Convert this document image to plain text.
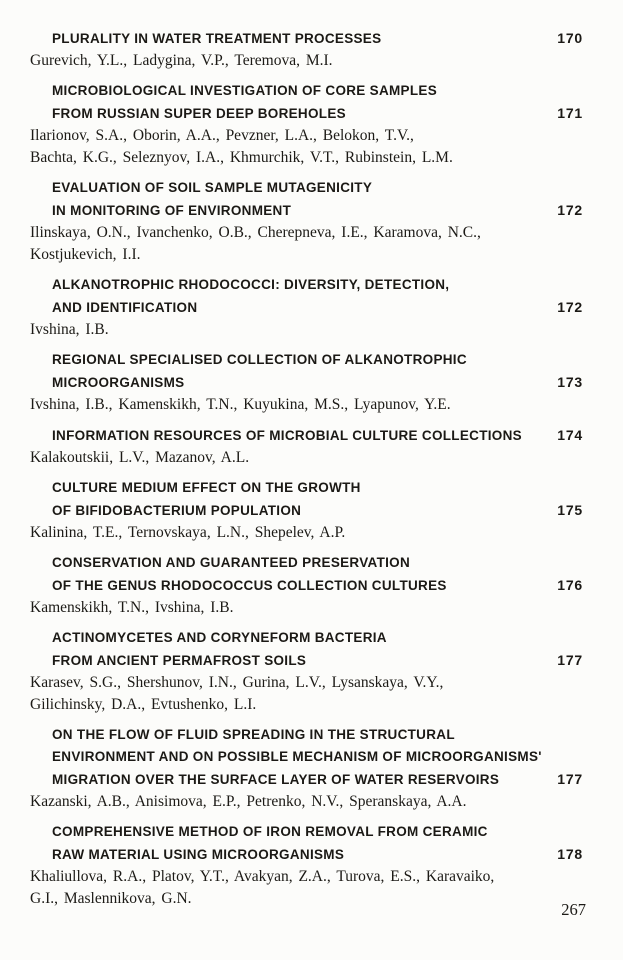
PLURALITY IN WATER TREATMENT PROCESSES	170
Gurevich, Y.L., Ladygina, V.P., Teremova, M.I.
MICROBIOLOGICAL INVESTIGATION OF CORE SAMPLES
FROM RUSSIAN SUPER DEEP BOREHOLES	171
Ilarionov, S.A., Oborin, A.A., Pevzner, L.A., Belokon, T.V.,
Bachta, K.G., Seleznyov, I.A., Khmurchik, V.T., Rubinstein, L.M.
EVALUATION OF SOIL SAMPLE MUTAGENICITY
IN MONITORING OF ENVIRONMENT	172
Ilinskaya, O.N., Ivanchenko, O.B., Cherepneva, I.E., Karamova, N.C.,
Kostjukevich, I.I.
ALKANOTROPHIC RHODOCOCCI: DIVERSITY, DETECTION,
AND IDENTIFICATION	172
Ivshina, I.B.
REGIONAL SPECIALISED COLLECTION OF ALKANOTROPHIC
MICROORGANISMS	173
Ivshina, I.B., Kamenskikh, T.N., Kuyukina, M.S., Lyapunov, Y.E.
INFORMATION RESOURCES OF MICROBIAL CULTURE COLLECTIONS	174
Kalakoutskii, L.V., Mazanov, A.L.
CULTURE MEDIUM EFFECT ON THE GROWTH
OF BIFIDOBACTERIUM POPULATION	175
Kalinina, T.E., Ternovskaya, L.N., Shepelev, A.P.
CONSERVATION AND GUARANTEED PRESERVATION
OF THE GENUS RHODOCOCCUS COLLECTION CULTURES	176
Kamenskikh, T.N., Ivshina, I.B.
ACTINOMYCETES AND CORYNEFORM BACTERIA
FROM ANCIENT PERMAFROST SOILS	177
Karasev, S.G., Shershunov, I.N., Gurina, L.V., Lysanskaya, V.Y.,
Gilichinsky, D.A., Evtushenko, L.I.
ON THE FLOW OF FLUID SPREADING IN THE STRUCTURAL
ENVIRONMENT AND ON POSSIBLE MECHANISM OF MICROORGANISMS'
MIGRATION OVER THE SURFACE LAYER OF WATER RESERVOIRS	177
Kazanski, A.B., Anisimova, E.P., Petrenko, N.V., Speranskaya, A.A.
COMPREHENSIVE METHOD OF IRON REMOVAL FROM CERAMIC
RAW MATERIAL USING MICROORGANISMS	178
Khaliullova, R.A., Platov, Y.T., Avakyan, Z.A., Turova, E.S., Karavaiko,
G.I., Maslennikova, G.N.
267
